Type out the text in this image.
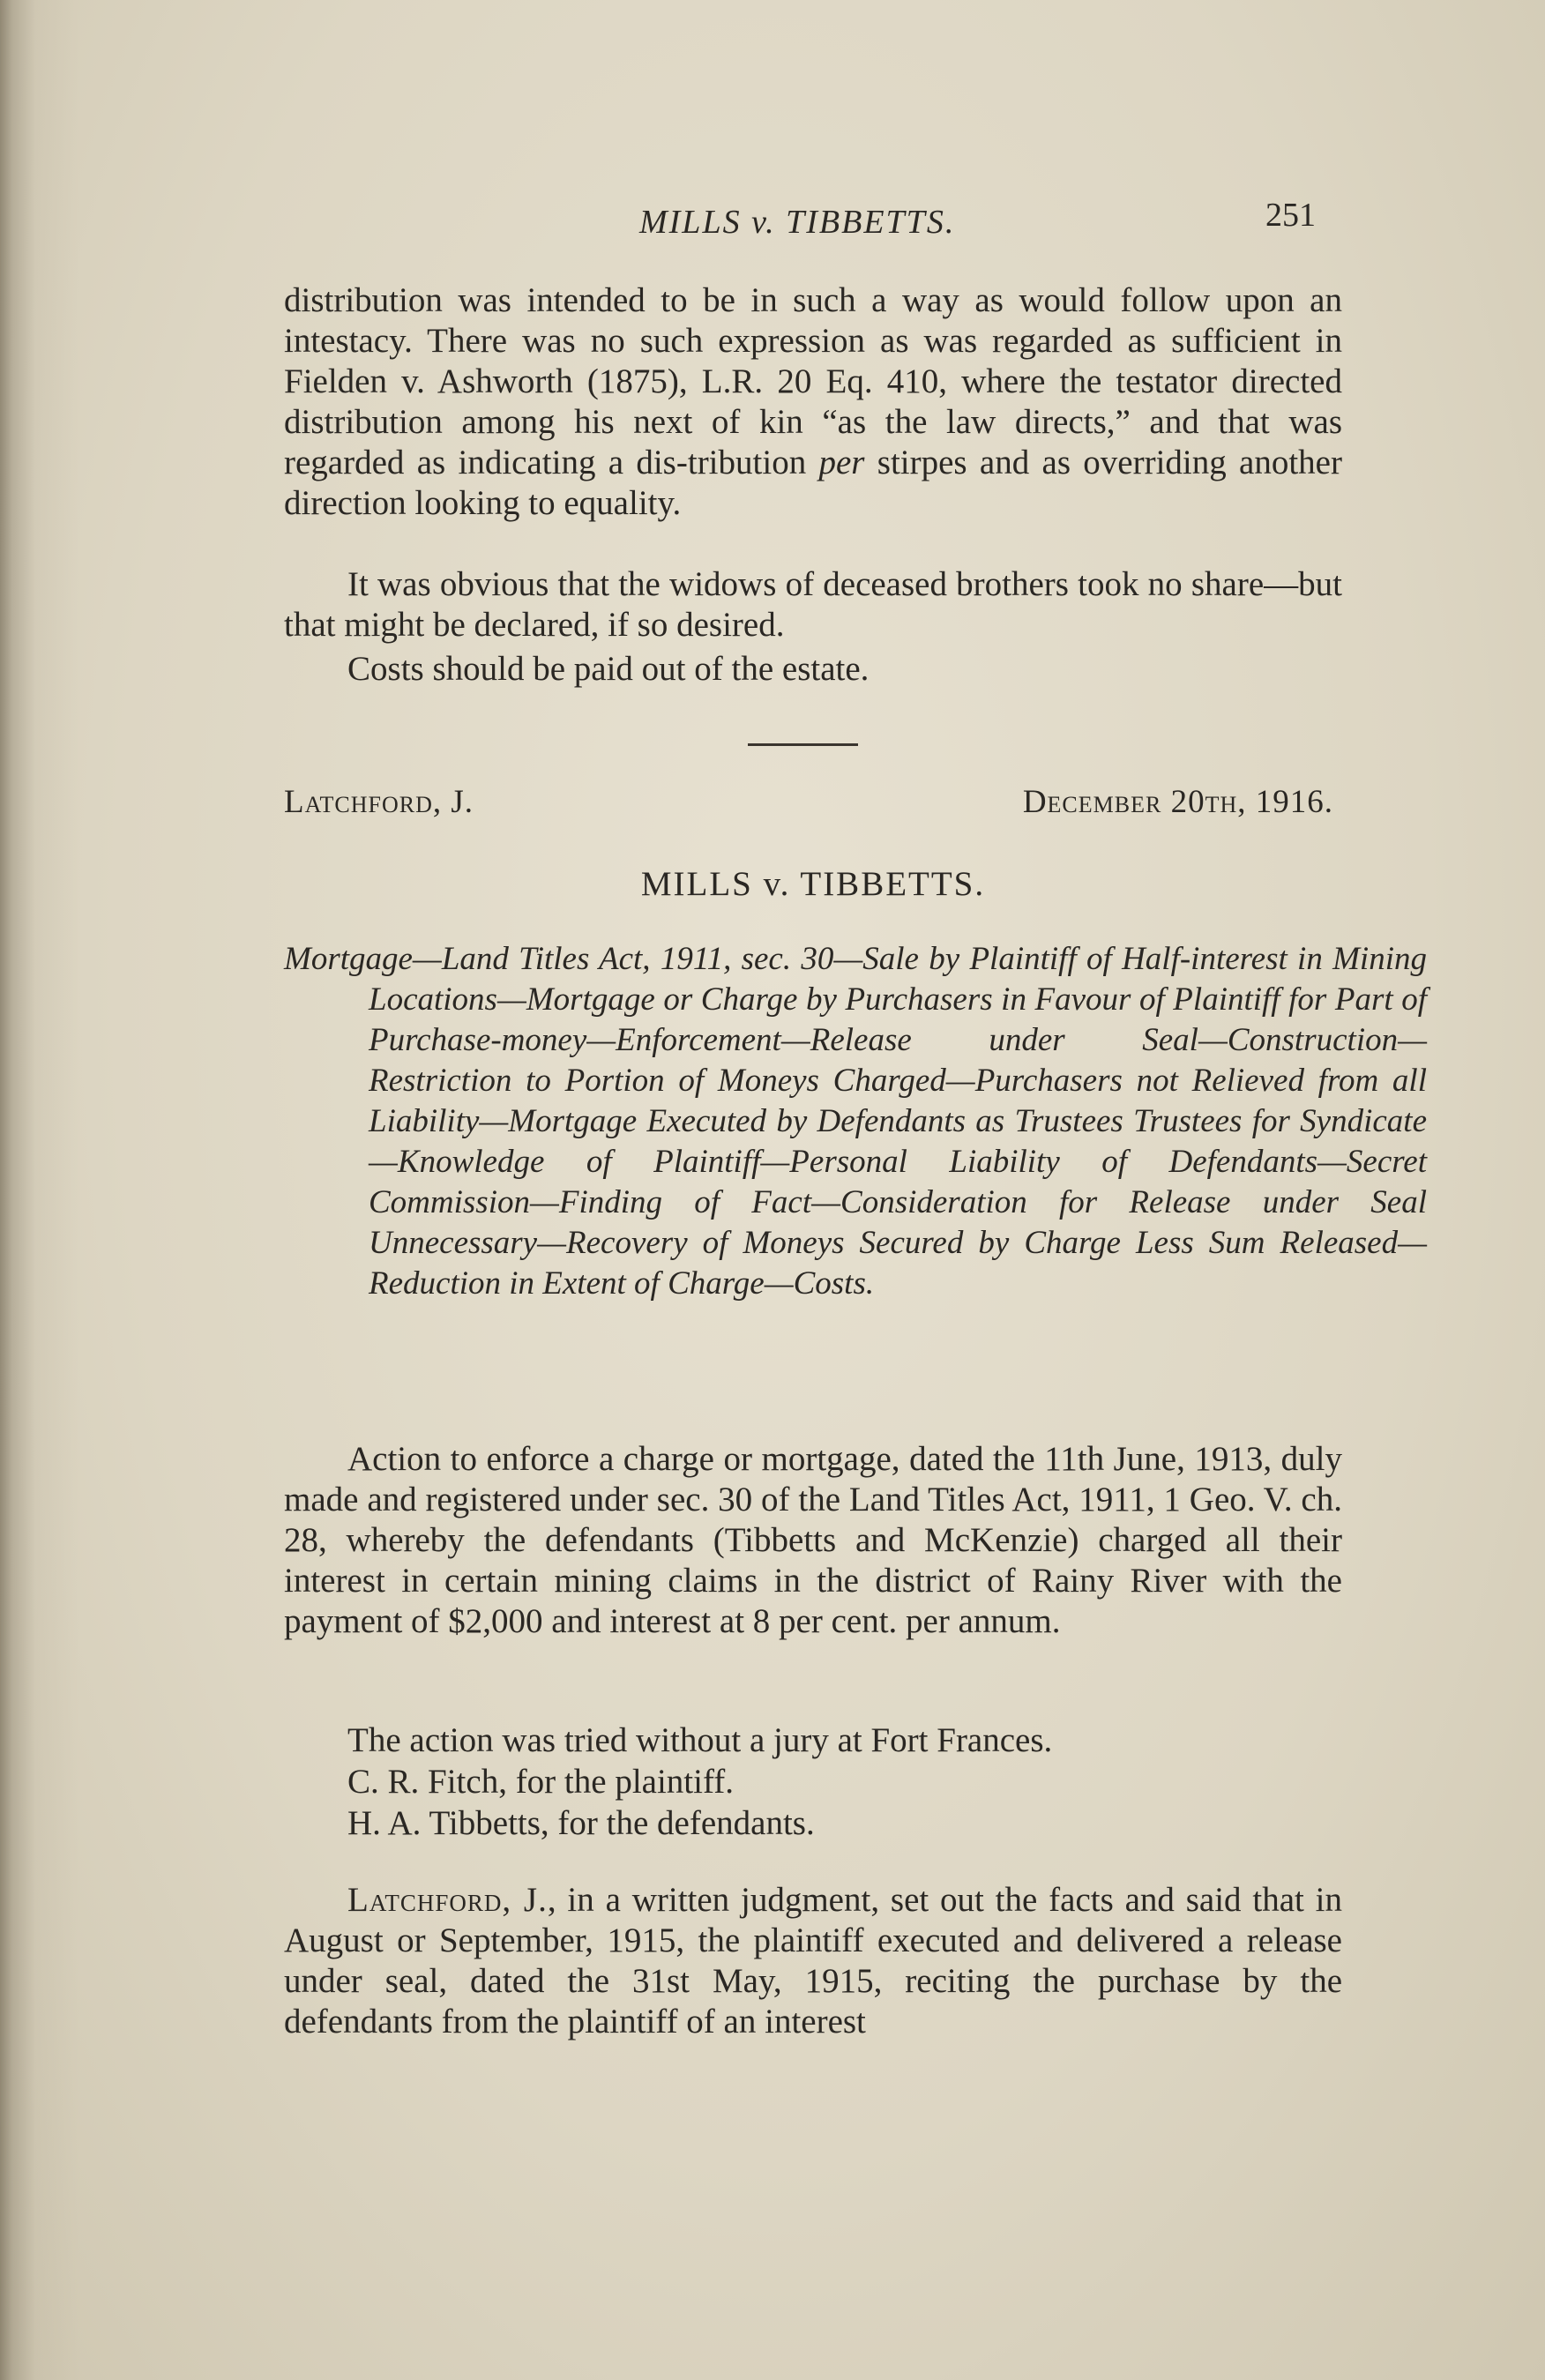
MILLS v. TIBBETTS.	251

distribution was intended to be in such a way as would follow upon an intestacy. There was no such expression as was regarded as sufficient in Fielden v. Ashworth (1875), L.R. 20 Eq. 410, where the testator directed distribution among his next of kin “as the law directs,” and that was regarded as indicating a dis-tribution per stirpes and as overriding another direction looking to equality.

It was obvious that the widows of deceased brothers took no share—but that might be declared, if so desired.

Costs should be paid out of the estate.

Latchford, J.	December 20th, 1916.
MILLS v. TIBBETTS.

Mortgage—Land Titles Act, 1911, sec. 30—Sale by Plaintiff of Half-interest in Mining Locations—Mortgage or Charge by Purchasers in Favour of Plaintiff for Part of Purchase-money—Enforcement—Release under Seal—Construction—Restriction to Portion of Moneys Charged—Purchasers not Relieved from all Liability—Mortgage Executed by Defendants as Trustees Trustees for Syndicate—Knowledge of Plaintiff—Personal Liability of Defendants—Secret Commission—Finding of Fact—Consideration for Release under Seal Unnecessary—Recovery of Moneys Secured by Charge Less Sum Released—Reduction in Extent of Charge—Costs.

Action to enforce a charge or mortgage, dated the 11th June, 1913, duly made and registered under sec. 30 of the Land Titles Act, 1911, 1 Geo. V. ch. 28, whereby the defendants (Tibbetts and McKenzie) charged all their interest in certain mining claims in the district of Rainy River with the payment of $2,000 and interest at 8 per cent. per annum.

The action was tried without a jury at Fort Frances.

C. R. Fitch, for the plaintiff.

H. A. Tibbetts, for the defendants.

Latchford, J., in a written judgment, set out the facts and said that in August or September, 1915, the plaintiff executed and delivered a release under seal, dated the 31st May, 1915, reciting the purchase by the defendants from the plaintiff of an interest
